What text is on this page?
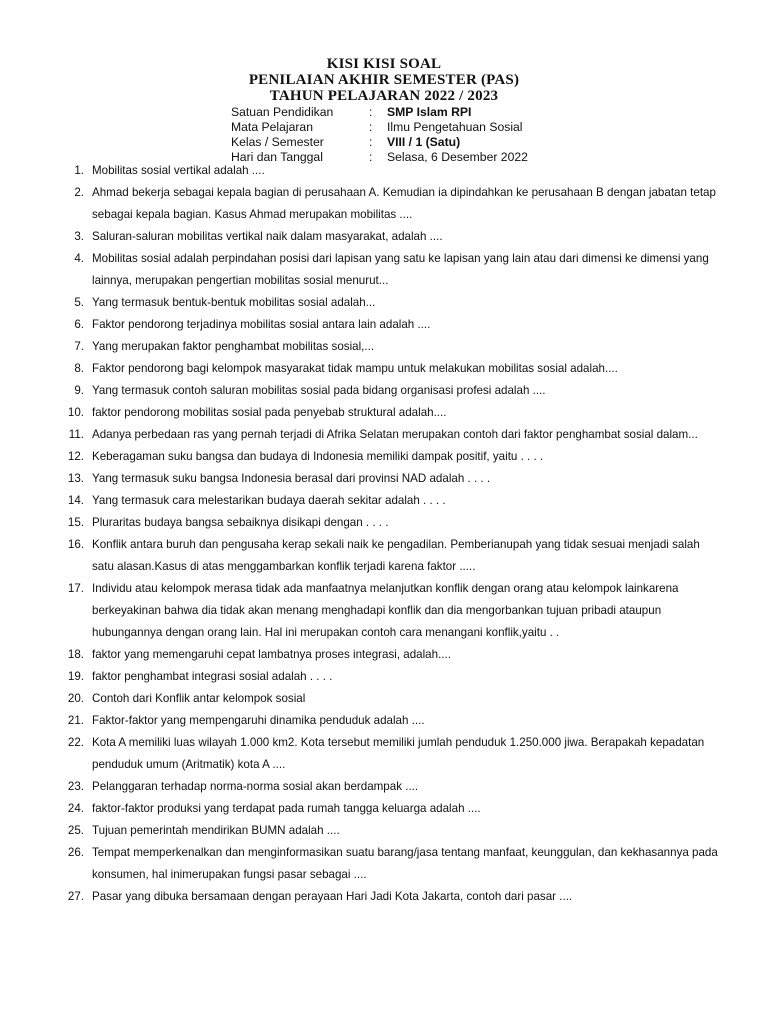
KISI KISI SOAL
PENILAIAN AKHIR SEMESTER (PAS)
TAHUN PELAJARAN 2022 / 2023
Satuan Pendidikan	:	SMP Islam RPI
Mata Pelajaran	:	Ilmu Pengetahuan Sosial
Kelas / Semester	:	VIII / 1 (Satu)
Hari dan Tanggal	:	Selasa, 6 Desember 2022
1. Mobilitas sosial vertikal adalah ....
2. Ahmad bekerja sebagai kepala bagian di perusahaan A. Kemudian ia dipindahkan ke perusahaan B dengan jabatan tetap sebagai kepala bagian. Kasus Ahmad merupakan mobilitas ....
3. Saluran-saluran mobilitas vertikal naik dalam masyarakat, adalah ....
4. Mobilitas sosial adalah perpindahan posisi dari lapisan yang satu ke lapisan yang lain atau dari dimensi ke dimensi yang lainnya, merupakan pengertian mobilitas sosial menurut...
5. Yang termasuk bentuk-bentuk mobilitas sosial adalah...
6. Faktor pendorong terjadinya mobilitas sosial antara lain adalah ....
7. Yang merupakan faktor penghambat mobilitas sosial,...
8. Faktor pendorong bagi kelompok masyarakat tidak mampu untuk melakukan mobilitas sosial adalah....
9. Yang termasuk contoh saluran mobilitas sosial pada bidang organisasi profesi adalah ....
10. faktor pendorong mobilitas sosial pada penyebab struktural adalah....
11. Adanya perbedaan ras yang pernah terjadi di Afrika Selatan merupakan contoh dari faktor penghambat sosial dalam...
12. Keberagaman suku bangsa dan budaya di Indonesia memiliki dampak positif, yaitu . . . .
13. Yang termasuk suku bangsa Indonesia berasal dari provinsi NAD adalah . . . .
14. Yang termasuk cara melestarikan budaya daerah sekitar adalah . . . .
15. Pluraritas budaya bangsa sebaiknya disikapi dengan . . . .
16. Konflik antara buruh dan pengusaha kerap sekali naik ke pengadilan. Pemberianupah yang tidak sesuai menjadi salah satu alasan.Kasus di atas menggambarkan konflik terjadi karena faktor .....
17. Individu atau kelompok merasa tidak ada manfaatnya melanjutkan konflik dengan orang atau kelompok lainkarena berkeyakinan bahwa dia tidak akan menang menghadapi konflik dan dia mengorbankan tujuan pribadi ataupun hubungannya dengan orang lain. Hal ini merupakan contoh cara menangani konflik,yaitu . .
18. faktor yang memengaruhi cepat lambatnya proses integrasi, adalah....
19. faktor penghambat integrasi sosial adalah . . . .
20. Contoh dari Konflik antar kelompok sosial
21. Faktor-faktor yang mempengaruhi dinamika penduduk adalah ....
22. Kota A memiliki luas wilayah 1.000 km2. Kota tersebut memiliki jumlah penduduk 1.250.000 jiwa. Berapakah kepadatan penduduk umum (Aritmatik) kota A ....
23. Pelanggaran terhadap norma-norma sosial akan berdampak ....
24. faktor-faktor produksi yang terdapat pada rumah tangga keluarga adalah ....
25. Tujuan pemerintah mendirikan BUMN adalah ....
26. Tempat memperkenalkan dan menginformasikan suatu barang/jasa tentang manfaat, keunggulan, dan kekhasannya pada konsumen, hal inimerupakan fungsi pasar sebagai ....
27. Pasar yang dibuka bersamaan dengan perayaan Hari Jadi Kota Jakarta, contoh dari pasar ....
